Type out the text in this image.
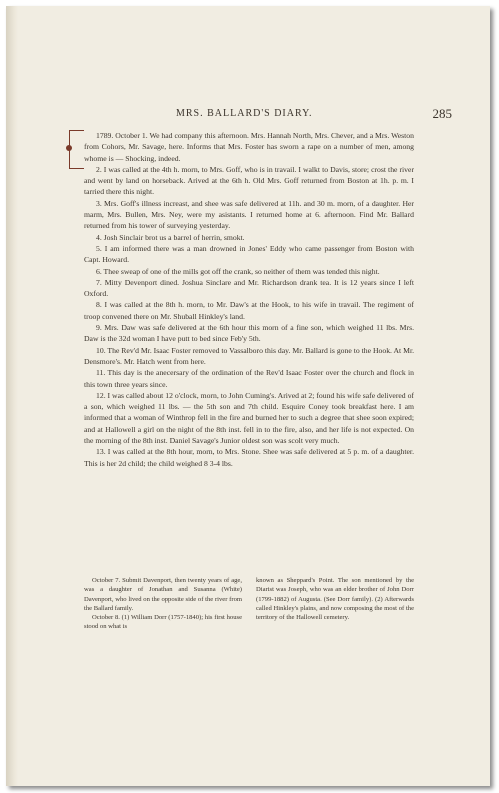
MRS. BALLARD'S DIARY.	285

1789. October 1. We had company this afternoon. Mrs. Hannah North, Mrs. Chever, and a Mrs. Weston from Cohors, Mr. Savage, here. Informs that Mrs. Foster has sworn a rape on a number of men, among whome is — Shocking, indeed.

2. I was called at the 4th h. morn, to Mrs. Goff, who is in travail. I walkt to Davis, store; crost the river and went by land on horseback. Arived at the 6th h. Old Mrs. Goff returned from Boston at 1h. p. m. I tarried there this night.

3. Mrs. Goff's illness increast, and shee was safe delivered at 11h. and 30 m. morn, of a daughter. Her marm, Mrs. Bullen, Mrs. Ney, were my asistants. I returned home at 6. afternoon. Find Mr. Ballard returned from his tower of surveying yesterday.

4. Josh Sinclair brot us a barrel of herrin, smokt.

5. I am informed there was a man drowned in Jones' Eddy who came passenger from Boston with Capt. Howard.

6. Thee sweap of one of the mills got off the crank, so neither of them was tended this night.

7. Mitty Devenport dined. Joshua Sinclare and Mr. Richardson drank tea. It is 12 years since I left Oxford.

8. I was called at the 8th h. morn, to Mr. Daw's at the Hook, to his wife in travail. The regiment of troop convened there on Mr. Shuball Hinkley's land.

9. Mrs. Daw was safe delivered at the 6th hour this morn of a fine son, which weighed 11 lbs. Mrs. Daw is the 32d woman I have putt to bed since Feb'y 5th.

10. The Rev'd Mr. Isaac Foster removed to Vassalboro this day. Mr. Ballard is gone to the Hook. At Mr. Densmore's. Mr. Hatch went from here.

11. This day is the anecersary of the ordination of the Rev'd Isaac Foster over the church and flock in this town three years since.

12. I was called about 12 o'clock, morn, to John Cuming's. Arived at 2; found his wife safe delivered of a son, which weighed 11 lbs. — the 5th son and 7th child. Esquire Coney took breakfast here. I am informed that a woman of Winthrop fell in the fire and burned her to such a degree that shee soon expired; and at Hallowell a girl on the night of the 8th inst. fell in to the fire, also, and her life is not expected. On the morning of the 8th inst. Daniel Savage's Junior oldest son was scolt very much.

13. I was called at the 8th hour, morn, to Mrs. Stone. Shee was safe delivered at 5 p. m. of a daughter. This is her 2d child; the child weighed 8 3-4 lbs.

October 7. Submit Davenport, then twenty years of age, was a daughter of Jonathan and Susanna (White) Davenport, who lived on the opposite side of the river from the Ballard family.

October 8. (1) William Dorr (1757-1840); his first house stood on what is

known as Sheppard's Point. The son mentioned by the Diarist was Joseph, who was an elder brother of John Dorr (1799-1882) of Augusta. (See Dorr family). (2) Afterwards called Hinkley's plains, and now composing the most of the territory of the Hallowell cemetery.
